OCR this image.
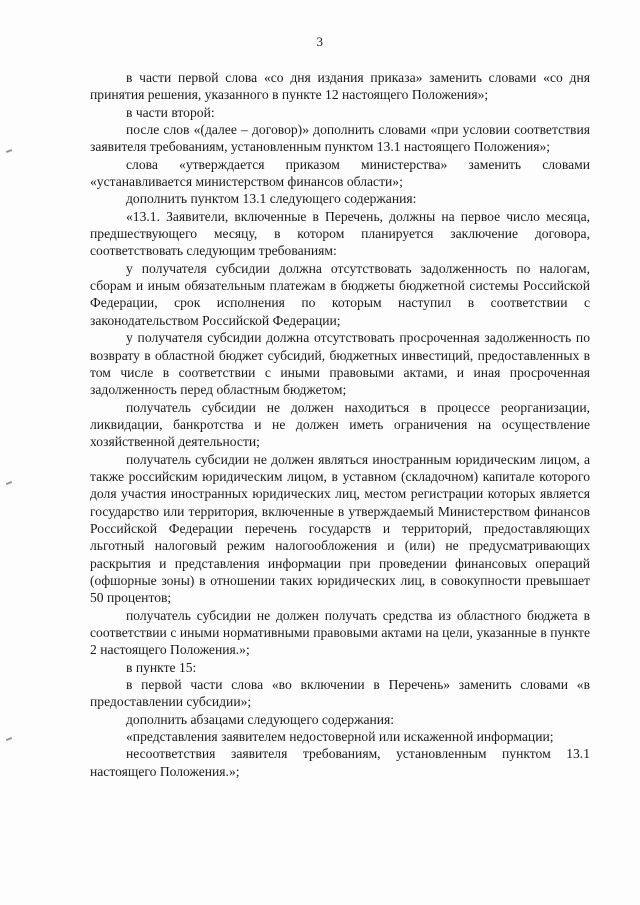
3

в части первой слова «со дня издания приказа» заменить словами «со дня принятия решения, указанного в пункте 12 настоящего Положения»;

в части второй:

после слов «(далее – договор)» дополнить словами «при условии соответствия заявителя требованиям, установленным пунктом 13.1 настоящего Положения»;

слова «утверждается приказом министерства» заменить словами «устанавливается министерством финансов области»;

дополнить пунктом 13.1 следующего содержания:

«13.1. Заявители, включенные в Перечень, должны на первое число месяца, предшествующего месяцу, в котором планируется заключение договора, соответствовать следующим требованиям:

у получателя субсидии должна отсутствовать задолженность по налогам, сборам и иным обязательным платежам в бюджеты бюджетной системы Российской Федерации, срок исполнения по которым наступил в соответствии с законодательством Российской Федерации;

у получателя субсидии должна отсутствовать просроченная задолженность по возврату в областной бюджет субсидий, бюджетных инвестиций, предоставленных в том числе в соответствии с иными правовыми актами, и иная просроченная задолженность перед областным бюджетом;

получатель субсидии не должен находиться в процессе реорганизации, ликвидации, банкротства и не должен иметь ограничения на осуществление хозяйственной деятельности;

получатель субсидии не должен являться иностранным юридическим лицом, а также российским юридическим лицом, в уставном (складочном) капитале которого доля участия иностранных юридических лиц, местом регистрации которых является государство или территория, включенные в утверждаемый Министерством финансов Российской Федерации перечень государств и территорий, предоставляющих льготный налоговый режим налогообложения и (или) не предусматривающих раскрытия и представления информации при проведении финансовых операций (офшорные зоны) в отношении таких юридических лиц, в совокупности превышает 50 процентов;

получатель субсидии не должен получать средства из областного бюджета в соответствии с иными нормативными правовыми актами на цели, указанные в пункте 2 настоящего Положения.»;

в пункте 15:

в первой части слова «во включении в Перечень» заменить словами «в предоставлении субсидии»;

дополнить абзацами следующего содержания:

«представления заявителем недостоверной или искаженной информации;

несоответствия заявителя требованиям, установленным пунктом 13.1 настоящего Положения.»;
